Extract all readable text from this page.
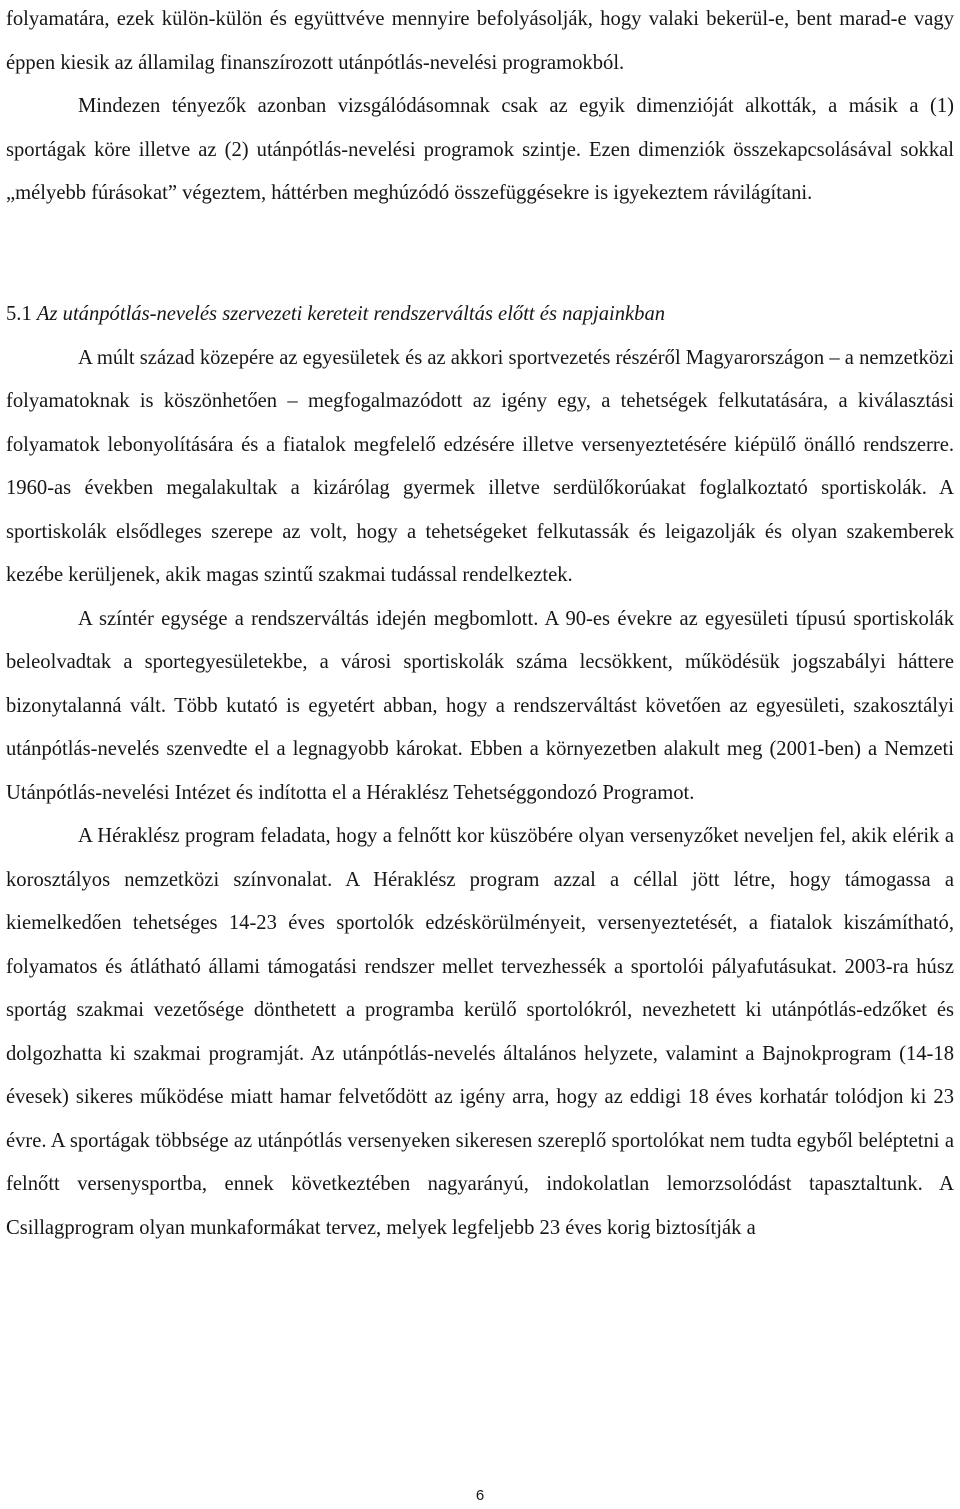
folyamatára, ezek külön-külön és együttvéve mennyire befolyásolják, hogy valaki bekerül-e, bent marad-e vagy éppen kiesik az államilag finanszírozott utánpótlás-nevelési programokból.

Mindezen tényezők azonban vizsgálódásomnak csak az egyik dimenzióját alkották, a másik a (1) sportágak köre illetve az (2) utánpótlás-nevelési programok szintje. Ezen dimenziók összekapcsolásával sokkal „mélyebb fúrásokat” végeztem, háttérben meghúzódó összefüggésekre is igyekeztem rávilágítani.

5.1 Az utánpótlás-nevelés szervezeti kereteit rendszerváltás előtt és napjainkban

A múlt század közepére az egyesületek és az akkori sportvezetés részéről Magyarországon – a nemzetközi folyamatoknak is köszönhetően – megfogalmazódott az igény egy, a tehetségek felkutatására, a kiválasztási folyamatok lebonyolítására és a fiatalok megfelelő edzésére illetve versenyeztetésére kiépülő önálló rendszerre. 1960-as években megalakultak a kizárólag gyermek illetve serdülőkorúakat foglalkoztató sportiskolák. A sportiskolák elsődleges szerepe az volt, hogy a tehetségeket felkutassák és leigazolják és olyan szakemberek kezébe kerüljenek, akik magas szintű szakmai tudással rendelkeztek.

A színtér egysége a rendszerváltás idején megbomlott. A 90-es évekre az egyesületi típusú sportiskolák beleolvadtak a sportegyesületekbe, a városi sportiskolák száma lecsökkent, működésük jogszabályi háttere bizonytalanná vált. Több kutató is egyetért abban, hogy a rendszerváltást követően az egyesületi, szakosztályi utánpótlás-nevelés szenvedte el a legnagyobb károkat. Ebben a környezetben alakult meg (2001-ben) a Nemzeti Utánpótlás-nevelési Intézet és indította el a Héraklész Tehetséggondozó Programot.

A Héraklész program feladata, hogy a felnőtt kor küszöbére olyan versenyzőket neveljen fel, akik elérik a korosztályos nemzetközi színvonalat. A Héraklész program azzal a céllal jött létre, hogy támogassa a kiemelkedően tehetséges 14-23 éves sportolók edzéskörülményeit, versenyeztetését, a fiatalok kiszámítható, folyamatos és átlátható állami támogatási rendszer mellet tervezhessék a sportolói pályafutásukat. 2003-ra húsz sportág szakmai vezetősége dönthetett a programba kerülő sportolókról, nevezhetett ki utánpótlás-edzőket és dolgozhatta ki szakmai programját. Az utánpótlás-nevelés általános helyzete, valamint a Bajnokprogram (14-18 évesek) sikeres működése miatt hamar felvetődött az igény arra, hogy az eddigi 18 éves korhatár tolódjon ki 23 évre. A sportágak többsége az utánpótlás versenyeken sikeresen szereplő sportolókat nem tudta egyből beléptetni a felnőtt versenysportba, ennek következtében nagyarányú, indokolatlan lemorzsolódást tapasztaltunk. A Csillagprogram olyan munkaformákat tervez, melyek legfeljebb 23 éves korig biztosítják a

6
